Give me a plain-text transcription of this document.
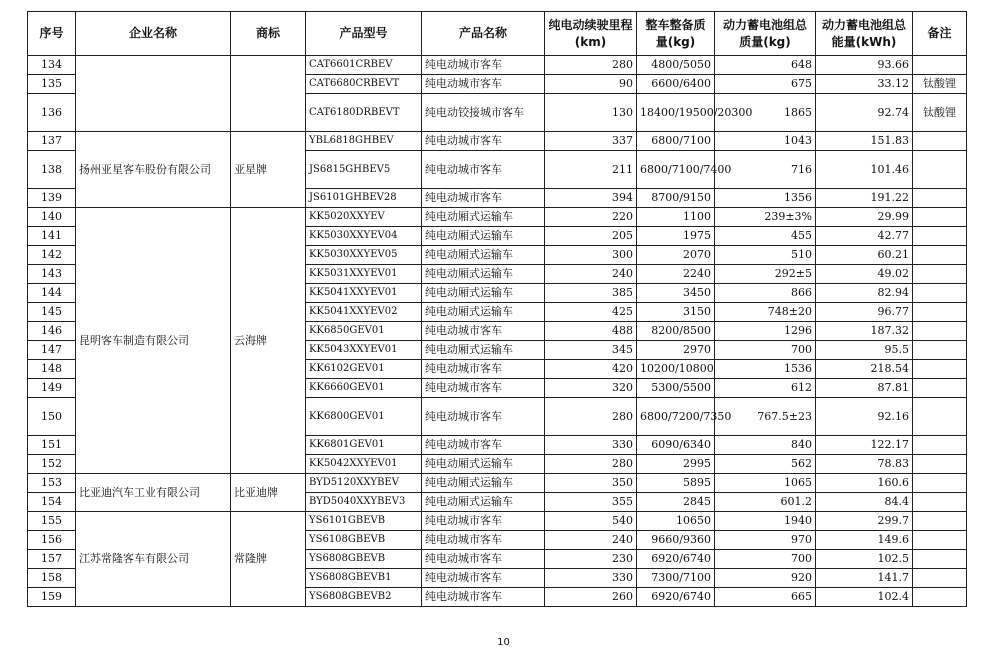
序号	企业名称	商标	产品型号	产品名称	纯电动续驶里程(km)	整车整备质量(kg)	动力蓄电池组总质量(kg)	动力蓄电池组总能量(kWh)	备注
134			CAT6601CRBEV	纯电动城市客车	280	4800/5050	648	93.66	
135			CAT6680CRBEVT	纯电动城市客车	90	6600/6400	675	33.12	钛酸锂
136			CAT6180DRBEVT	纯电动铰接城市客车	130	18400/19500/20300	1865	92.74	钛酸锂
137	扬州亚星客车股份有限公司	亚星牌	YBL6818GHBEV	纯电动城市客车	337	6800/7100	1043	151.83	
138			JS6815GHBEV5	纯电动城市客车	211	6800/7100/7400	716	101.46	
139			JS6101GHBEV28	纯电动城市客车	394	8700/9150	1356	191.22	
140	昆明客车制造有限公司	云海牌	KK5020XXYEV	纯电动厢式运输车	220	1100	239±3%	29.99	
141			KK5030XXYEV04	纯电动厢式运输车	205	1975	455	42.77	
142			KK5030XXYEV05	纯电动厢式运输车	300	2070	510	60.21	
143			KK5031XXYEV01	纯电动厢式运输车	240	2240	292±5	49.02	
144			KK5041XXYEV01	纯电动厢式运输车	385	3450	866	82.94	
145			KK5041XXYEV02	纯电动厢式运输车	425	3150	748±20	96.77	
146			KK6850GEV01	纯电动城市客车	488	8200/8500	1296	187.32	
147			KK5043XXYEV01	纯电动厢式运输车	345	2970	700	95.5	
148			KK6102GEV01	纯电动城市客车	420	10200/10800	1536	218.54	
149			KK6660GEV01	纯电动城市客车	320	5300/5500	612	87.81	
150			KK6800GEV01	纯电动城市客车	280	6800/7200/7350	767.5±23	92.16	
151			KK6801GEV01	纯电动城市客车	330	6090/6340	840	122.17	
152			KK5042XXYEV01	纯电动厢式运输车	280	2995	562	78.83	
153	比亚迪汽车工业有限公司	比亚迪牌	BYD5120XXYBEV	纯电动厢式运输车	350	5895	1065	160.6	
154			BYD5040XXYBEV3	纯电动厢式运输车	355	2845	601.2	84.4	
155	江苏常隆客车有限公司	常隆牌	YS6101GBEVB	纯电动城市客车	540	10650	1940	299.7	
156			YS6108GBEVB	纯电动城市客车	240	9660/9360	970	149.6	
157			YS6808GBEVB	纯电动城市客车	230	6920/6740	700	102.5	
158			YS6808GBEVB1	纯电动城市客车	330	7300/7100	920	141.7	
159			YS6808GBEVB2	纯电动城市客车	260	6920/6740	665	102.4	
10
